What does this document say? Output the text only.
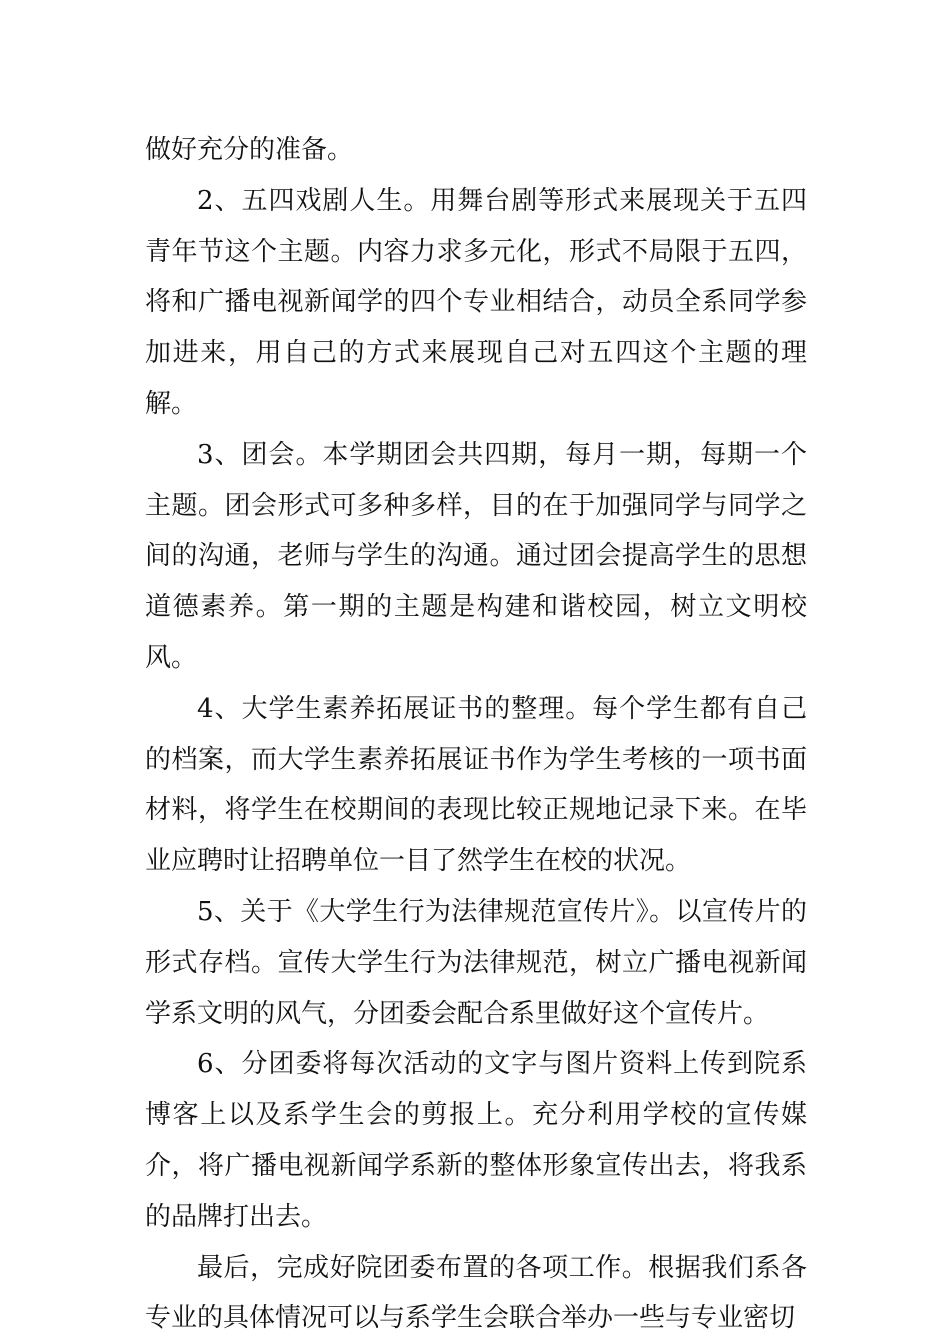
做好充分的准备。

2、五四戏剧人生。用舞台剧等形式来展现关于五四青年节这个主题。内容力求多元化，形式不局限于五四，将和广播电视新闻学的四个专业相结合，动员全系同学参加进来，用自己的方式来展现自己对五四这个主题的理解。

3、团会。本学期团会共四期，每月一期，每期一个主题。团会形式可多种多样，目的在于加强同学与同学之间的沟通，老师与学生的沟通。通过团会提高学生的思想道德素养。第一期的主题是构建和谐校园，树立文明校风。

4、大学生素养拓展证书的整理。每个学生都有自己的档案，而大学生素养拓展证书作为学生考核的一项书面材料，将学生在校期间的表现比较正规地记录下来。在毕业应聘时让招聘单位一目了然学生在校的状况。

5、关于《大学生行为法律规范宣传片》。以宣传片的形式存档。宣传大学生行为法律规范，树立广播电视新闻学系文明的风气，分团委会配合系里做好这个宣传片。

6、分团委将每次活动的文字与图片资料上传到院系博客上以及系学生会的剪报上。充分利用学校的宣传媒介，将广播电视新闻学系新的整体形象宣传出去，将我系的品牌打出去。

最后，完成好院团委布置的各项工作。根据我们系各专业的具体情况可以与系学生会联合举办一些与专业密切
